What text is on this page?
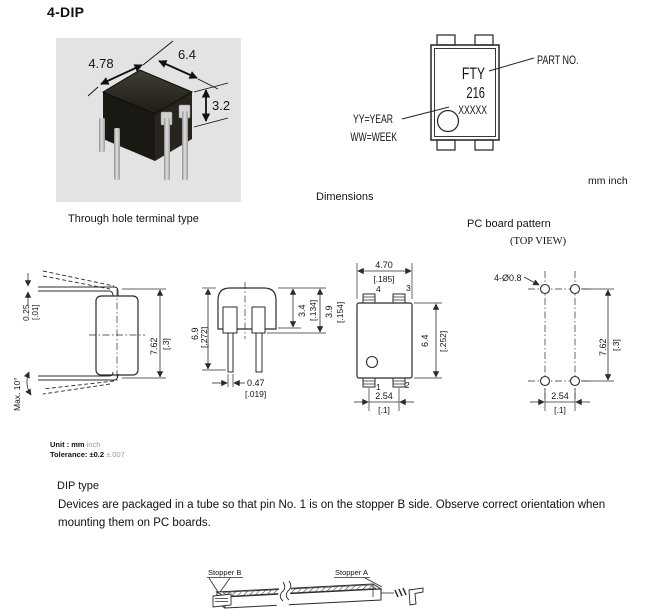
4-DIP
4.78
6.4
3.2
Through hole terminal type
FTY
216
XXXXX
PART NO.
YY=YEAR
WW=WEEK
mm inch
Dimensions
PC board pattern
(TOP VIEW)
0.25 [.01]
7.62 [.3]
Max. 10°
6.9 [.272]
3.4 [.134] 3.9 [.154]
0.47
[.019]
4.70
[.185]
4	3
1	2
6.4 [.252]
2.54
[.1]
4-Ø0.8
7.62 [.3]
2.54
[.1]
Unit : mm inch
Tolerance: ±0.2 ±.007
DIP type
Devices are packaged in a tube so that pin No. 1 is on the stopper B side. Observe correct orientation when mounting them on PC boards.
Stopper B	Stopper A
